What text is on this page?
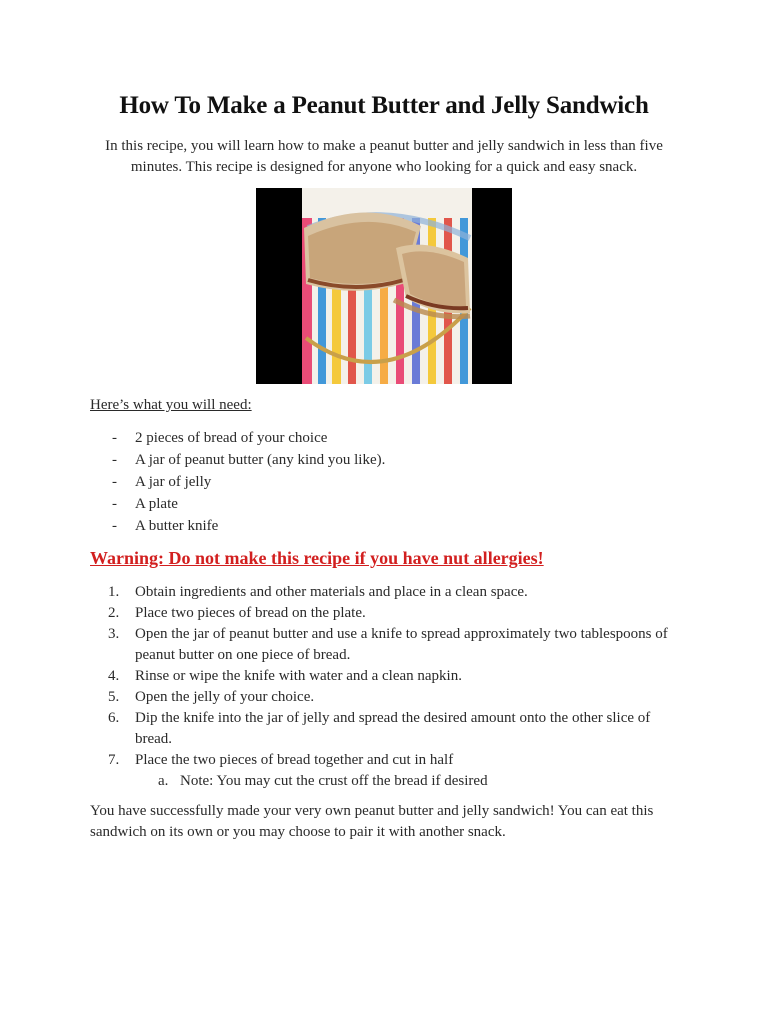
How To Make a Peanut Butter and Jelly Sandwich
In this recipe, you will learn how to make a peanut butter and jelly sandwich in less than five minutes. This recipe is designed for anyone who looking for a quick and easy snack.
Here’s what you will need:
-	2 pieces of bread of your choice
-	A jar of peanut butter (any kind you like).
-	A jar of jelly
-	A plate
-	A butter knife
Warning: Do not make this recipe if you have nut allergies!
1.	Obtain ingredients and other materials and place in a clean space.
2.	Place two pieces of bread on the plate.
3.	Open the jar of peanut butter and use a knife to spread approximately two tablespoons of peanut butter on one piece of bread.
4.	Rinse or wipe the knife with water and a clean napkin.
5.	Open the jelly of your choice.
6.	Dip the knife into the jar of jelly and spread the desired amount onto the other slice of bread.
7.	Place the two pieces of bread together and cut in half
a. Note: You may cut the crust off the bread if desired
You have successfully made your very own peanut butter and jelly sandwich! You can eat this sandwich on its own or you may choose to pair it with another snack.
